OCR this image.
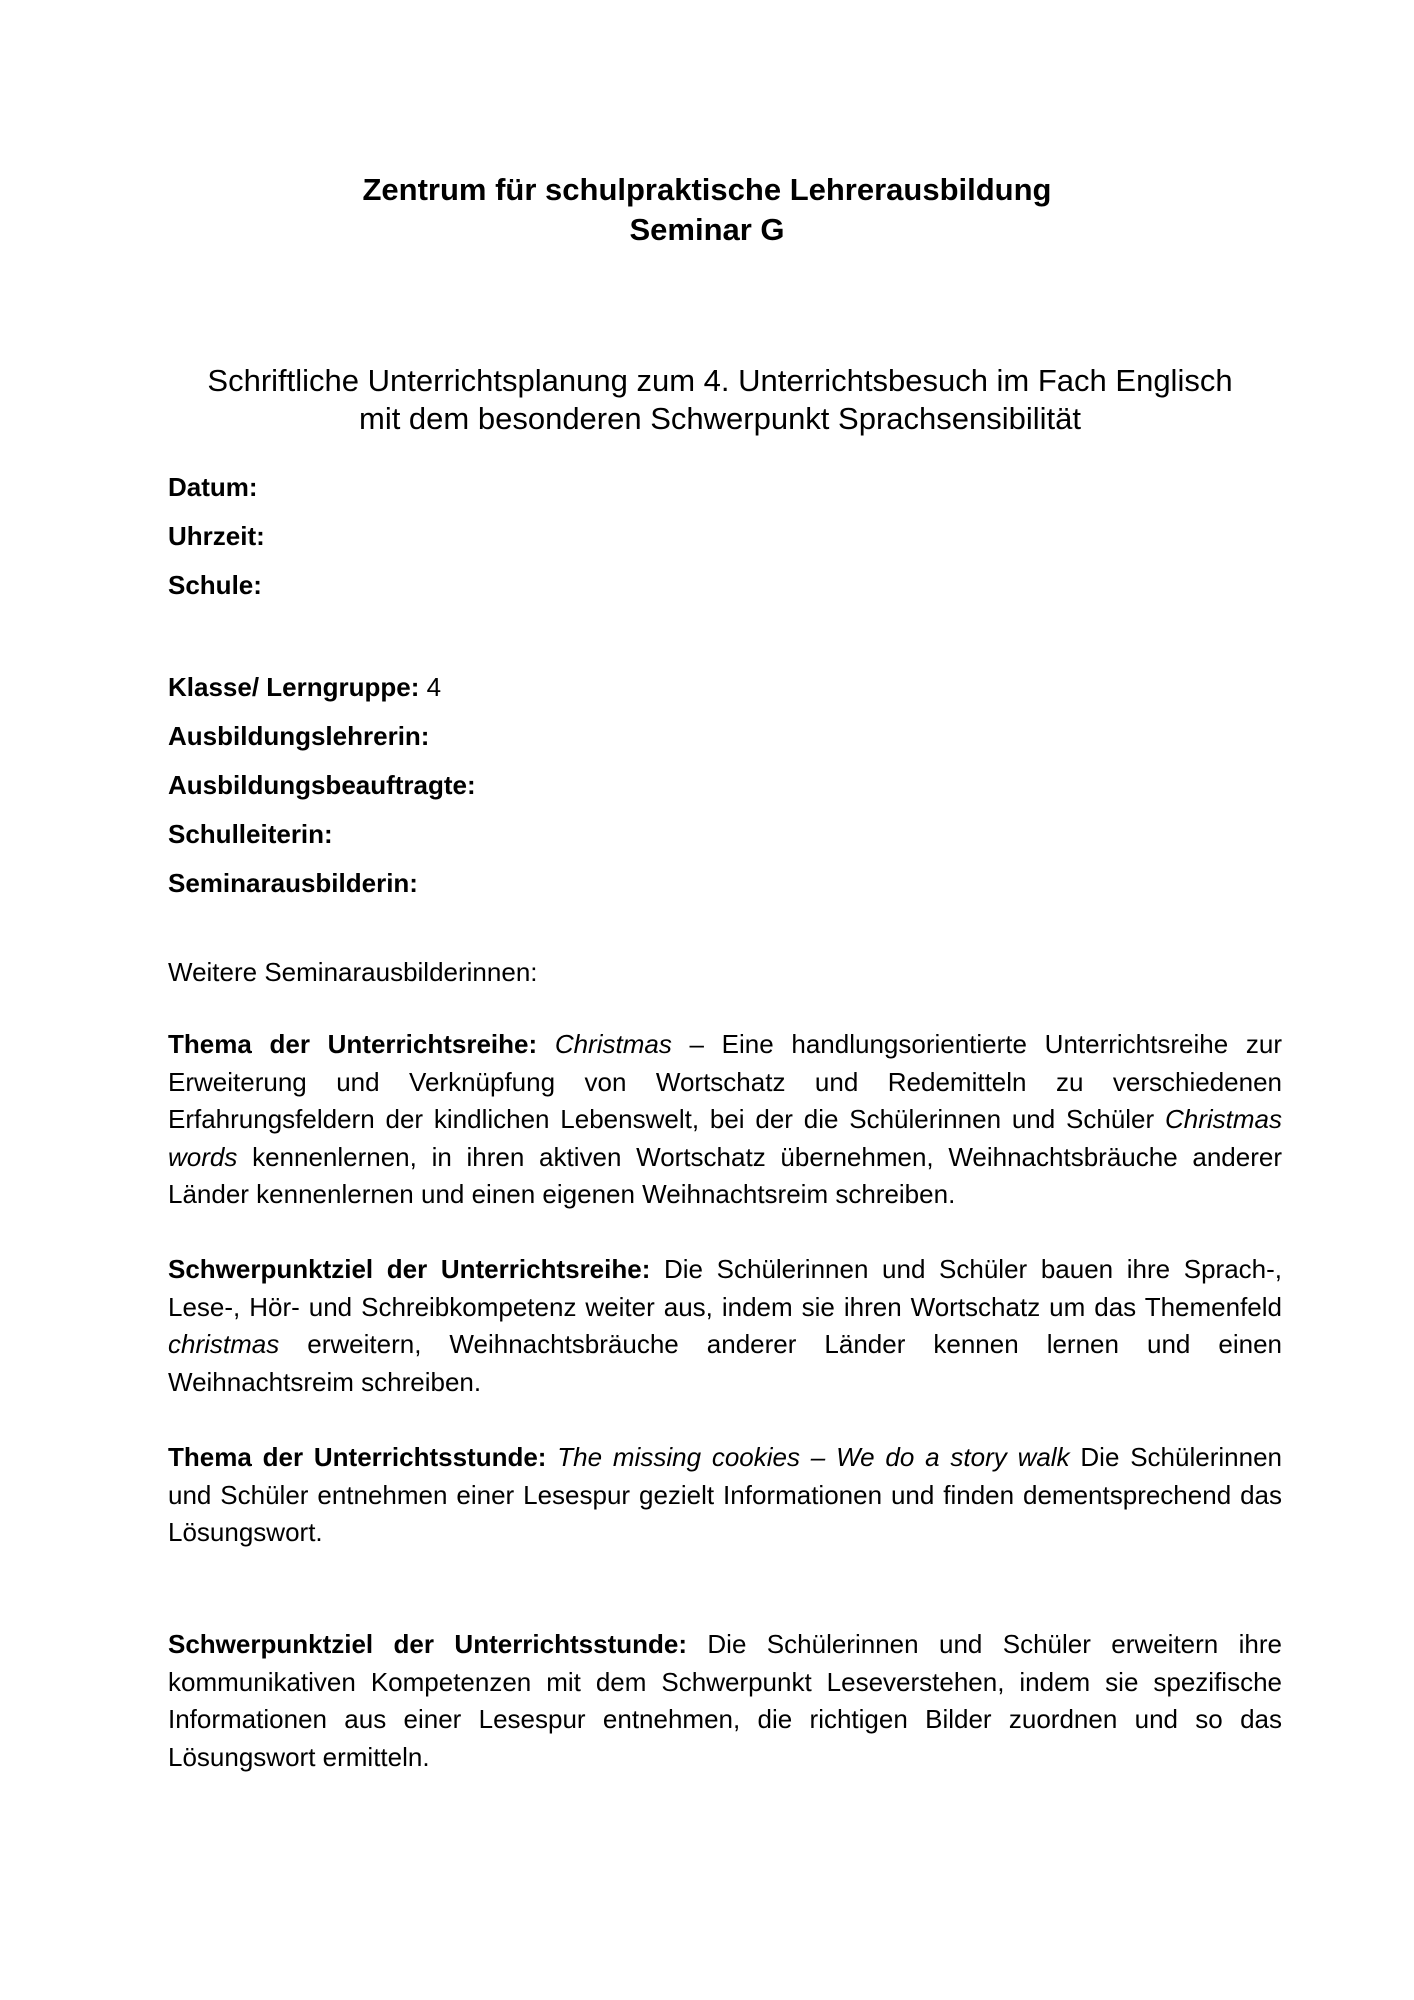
Zentrum für schulpraktische Lehrerausbildung
Seminar G
Schriftliche Unterrichtsplanung zum 4. Unterrichtsbesuch im Fach Englisch
mit dem besonderen Schwerpunkt Sprachsensibilität
Datum:
Uhrzeit:
Schule:
Klasse/ Lerngruppe: 4
Ausbildungslehrerin:
Ausbildungsbeauftragte:
Schulleiterin:
Seminarausbilderin:
Weitere Seminarausbilderinnen:
Thema der Unterrichtsreihe: Christmas – Eine handlungsorientierte Unterrichtsreihe zur Erweiterung und Verknüpfung von Wortschatz und Redemitteln zu verschiedenen Erfahrungsfeldern der kindlichen Lebenswelt, bei der die Schülerinnen und Schüler Christmas words kennenlernen, in ihren aktiven Wortschatz übernehmen, Weihnachtsbräuche anderer Länder kennenlernen und einen eigenen Weihnachtsreim schreiben.
Schwerpunktziel der Unterrichtsreihe: Die Schülerinnen und Schüler bauen ihre Sprach-, Lese-, Hör- und Schreibkompetenz weiter aus, indem sie ihren Wortschatz um das Themenfeld christmas erweitern, Weihnachtsbräuche anderer Länder kennen lernen und einen Weihnachtsreim schreiben.
Thema der Unterrichtsstunde: The missing cookies – We do a story walk Die Schülerinnen und Schüler entnehmen einer Lesespur gezielt Informationen und finden dementsprechend das Lösungswort.
Schwerpunktziel der Unterrichtsstunde: Die Schülerinnen und Schüler erweitern ihre kommunikativen Kompetenzen mit dem Schwerpunkt Leseverstehen, indem sie spezifische Informationen aus einer Lesespur entnehmen, die richtigen Bilder zuordnen und so das Lösungswort ermitteln.
